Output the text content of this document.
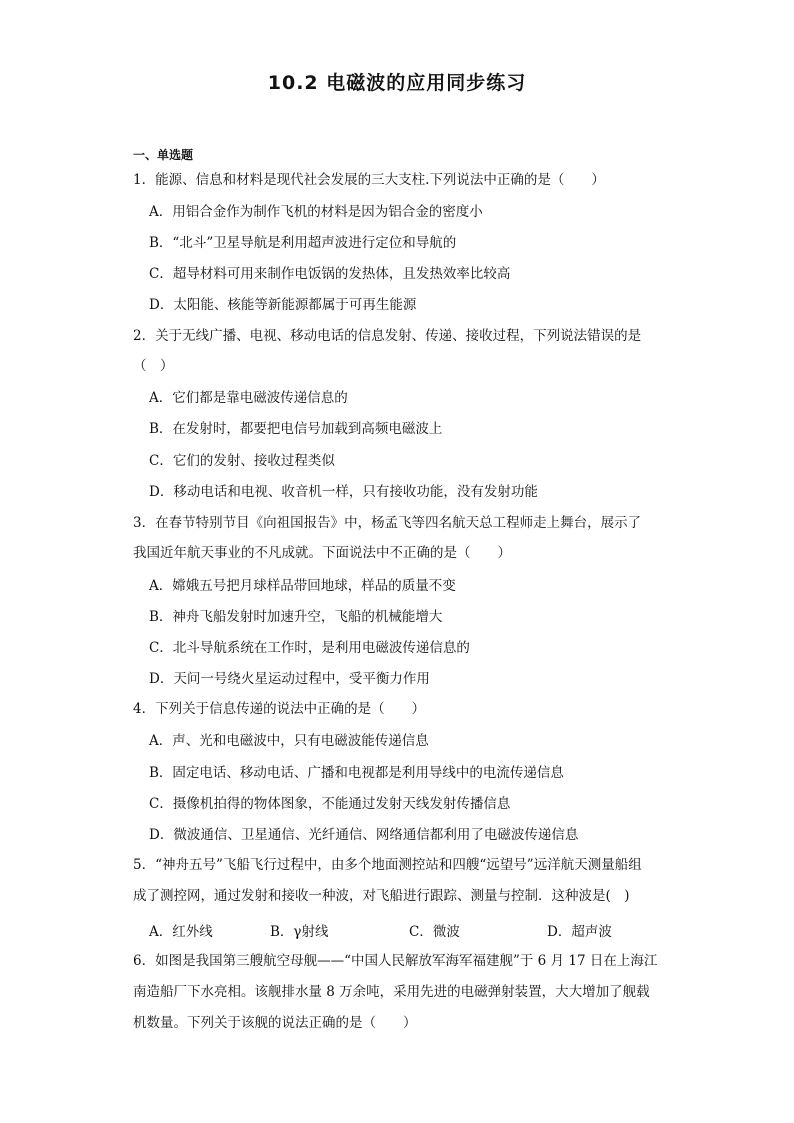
10.2 电磁波的应用同步练习
一、单选题
1．能源、信息和材料是现代社会发展的三大支柱.下列说法中正确的是（　　）
A．用铝合金作为制作飞机的材料是因为铝合金的密度小
B．“北斗”卫星导航是利用超声波进行定位和导航的
C．超导材料可用来制作电饭锅的发热体，且发热效率比较高
D．太阳能、核能等新能源都属于可再生能源
2．关于无线广播、电视、移动电话的信息发射、传递、接收过程，下列说法错误的是
（　）
A．它们都是靠电磁波传递信息的
B．在发射时，都要把电信号加载到高频电磁波上
C．它们的发射、接收过程类似
D．移动电话和电视、收音机一样，只有接收功能，没有发射功能
3．在春节特别节目《向祖国报告》中，杨孟飞等四名航天总工程师走上舞台，展示了
我国近年航天事业的不凡成就。下面说法中不正确的是（　　）
A．嫦娥五号把月球样品带回地球，样品的质量不变
B．神舟飞船发射时加速升空，飞船的机械能增大
C．北斗导航系统在工作时，是利用电磁波传递信息的
D．天问一号绕火星运动过程中，受平衡力作用
4．下列关于信息传递的说法中正确的是（　　）
A．声、光和电磁波中，只有电磁波能传递信息
B．固定电话、移动电话、广播和电视都是利用导线中的电流传递信息
C．摄像机拍得的物体图象，不能通过发射天线发射传播信息
D．微波通信、卫星通信、光纤通信、网络通信都利用了电磁波传递信息
5．“神舟五号”飞船飞行过程中，由多个地面测控站和四艘“远望号”远洋航天测量船组
成了测控网，通过发射和接收一种波，对飞船进行跟踪、测量与控制．这种波是(　)
A．红外线	B．γ射线	C．微波	D．超声波
6．如图是我国第三艘航空母舰——“中国人民解放军海军福建舰”于 6 月 17 日在上海江
南造船厂下水亮相。该舰排水量 8 万余吨，采用先进的电磁弹射装置，大大增加了舰载
机数量。下列关于该舰的说法正确的是（　　）
